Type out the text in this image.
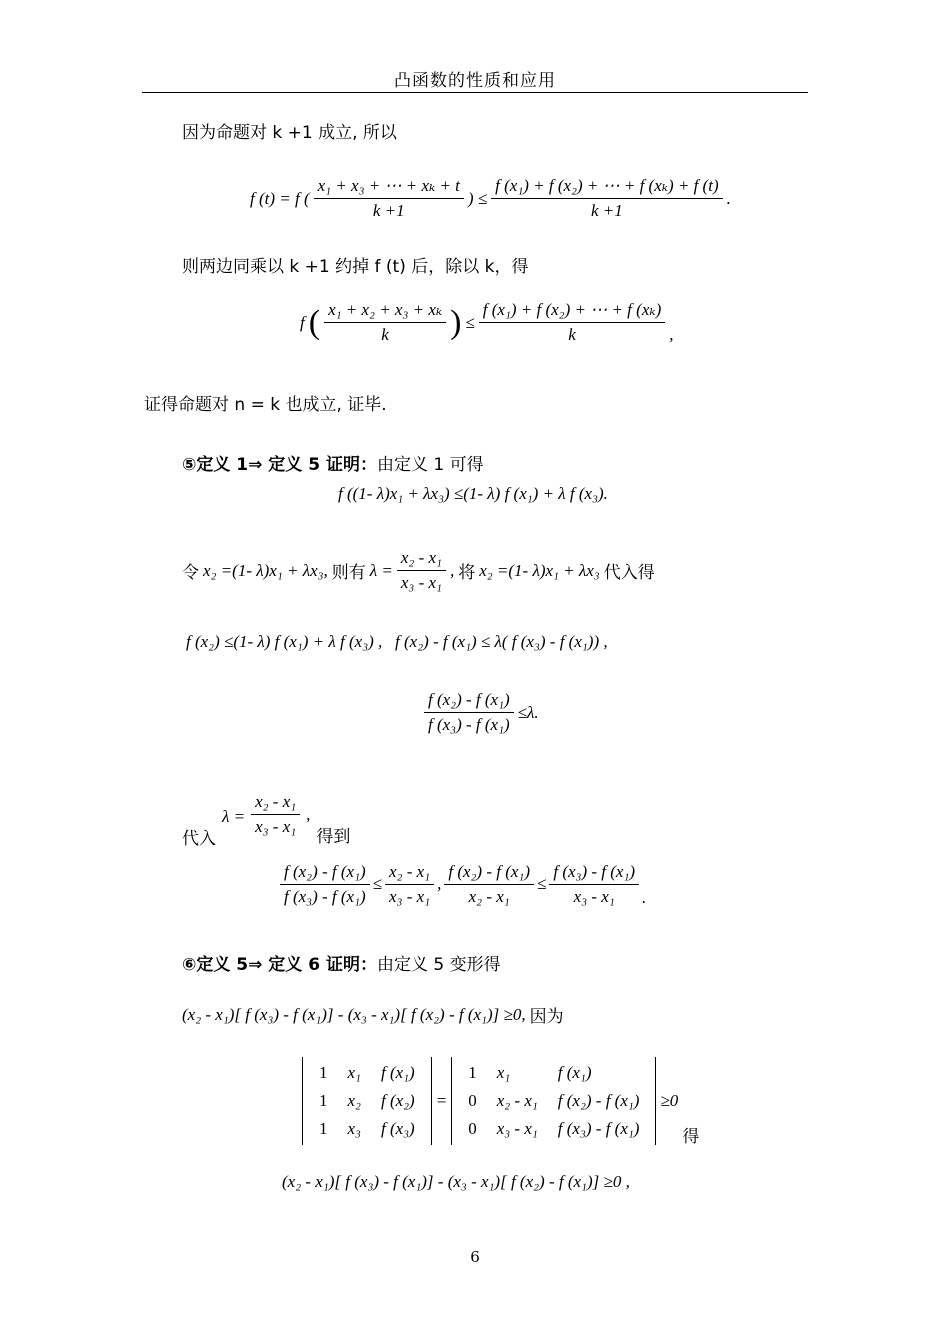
凸函数的性质和应用
因为命题对 k +1 成立, 所以
f (t) = f ( $\frac{\text{x₁ + x₃ + ⋯ + xₖ + t}}{k +1}$ ) ≤ $\frac{\text{f (x₁) + f (x₂) + ⋯ + f (xₖ) + f (t)}}{k +1}$ .
则两边同乘以 k +1 约掉 f (t) 后，除以 k，得
f ( $\frac{\text{x₁ + x₂ + x₃ + xₖ}}{k}$ ) ≤ $\frac{\text{f (x₁) + f (x₂) + ⋯ + f (xₖ)}}{k}$ ,
证得命题对 n = k 也成立, 证毕.
⑤定义 1⇒ 定义 5 证明：由定义 1 可得
f ((1- λ)x₁ + λx₃) ≤(1- λ) f (x₁) + λ f (x₃).
令 x₂ =(1- λ)x₁ + λx₃, 则有 $\lambda = \frac{\text{x₂ - x₁}}{\text{x₃ - x₁}}$ , 将 x₂ =(1- λ)x₁ + λx₃ 代入得
f (x₂) ≤(1- λ) f (x₁) + λ f (x₃) ,   f (x₂) - f (x₁) ≤ λ( f (x₃) - f (x₁)) ,
$\frac{\text{f (x₂) - f (x₁)}}{\text{f (x₃) - f (x₁)}} \le\lambda$.
代入
$\lambda = \frac{\text{x₂ - x₁}}{\text{x₃ - x₁}}$ ,
得到
$\frac{\text{f (x₂) - f (x₁)}}{\text{f (x₃) - f (x₁)}} \le \frac{\text{x₂ - x₁}}{\text{x₃ - x₁}}$ , $\frac{\text{f (x₂) - f (x₁)}}{\text{x₂ - x₁}} \le \frac{\text{f (x₃) - f (x₁)}}{\text{x₃ - x₁}}$ .
⑥定义 5⇒ 定义 6 证明：由定义 5 变形得
(x₂ - x₁)[ f (x₃) - f (x₁)] - (x₃ - x₁)[ f (x₂) - f (x₁)] ≥0, 因为
1	x₁	f (x₁)
1	x₂	f (x₂)
1	x₃	f (x₃)
=
1	x₁	f (x₁)
0	x₂ - x₁	f (x₂) - f (x₁)
0	x₃ - x₁	f (x₃) - f (x₁)
≥0
得
(x₂ - x₁)[ f (x₃) - f (x₁)] - (x₃ - x₁)[ f (x₂) - f (x₁)] ≥0 ,
6
